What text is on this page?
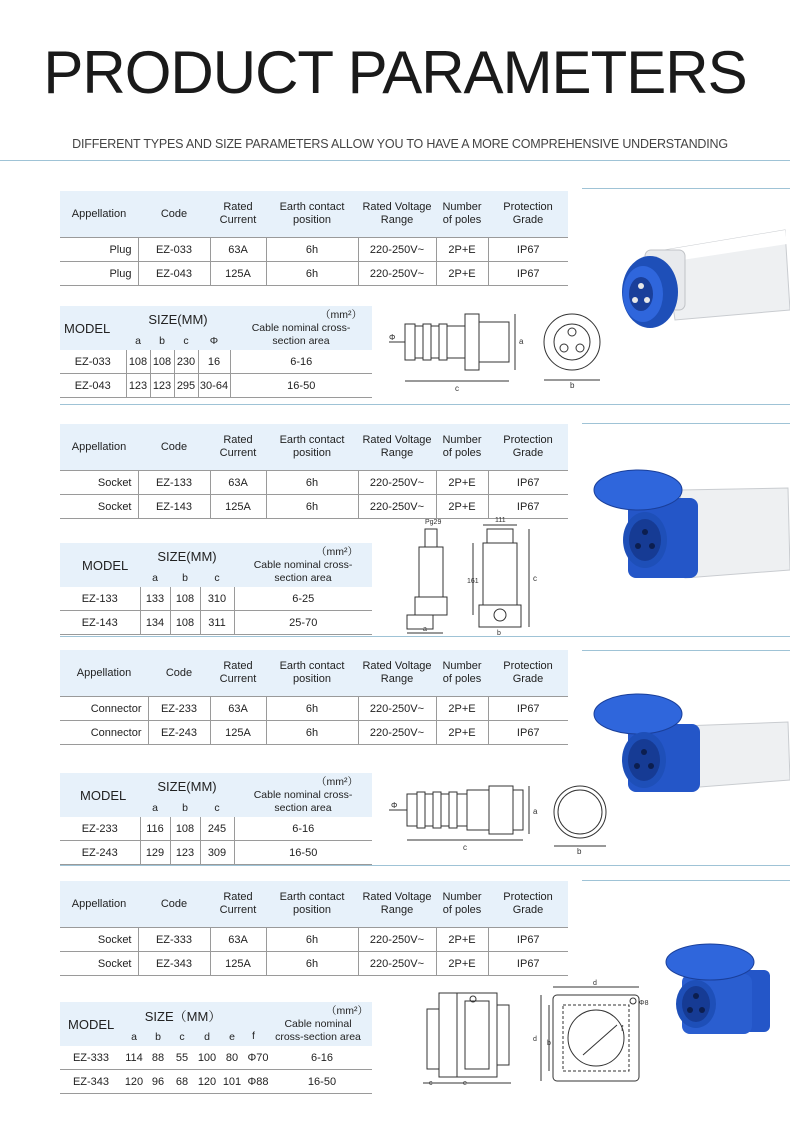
PRODUCT PARAMETERS
DIFFERENT TYPES AND SIZE PARAMETERS ALLOW YOU TO HAVE A MORE COMPREHENSIVE UNDERSTANDING
Appellation	Code	Rated
Current	Earth contact
position	Rated Voltage
Range	Number
of poles	Protection
Grade
Plug	EZ-033	63A	6h	220-250V~	2P+E	IP67
Plug	EZ-043	125A	6h	220-250V~	2P+E	IP67
MODEL	SIZE(MM)				（mm²）
Cable nominal cross-
section area
	a	b	c	Φ	
EZ-033	108	108	230	16	6-16
EZ-043	123	123	295	30-64	16-50
Φ
c
a
b
Appellation	Code	Rated
Current	Earth contact
position	Rated Voltage
Range	Number
of poles	Protection
Grade
Socket	EZ-133	63A	6h	220-250V~	2P+E	IP67
Socket	EZ-143	125A	6h	220-250V~	2P+E	IP67
MODEL	SIZE(MM)			（mm²）
Cable nominal cross-
section area
	a	b	c	
EZ-133	133	108	310	6-25
EZ-143	134	108	311	25-70
Pg29	111
161	c
a
b
Appellation	Code	Rated
Current	Earth contact
position	Rated Voltage
Range	Number
of poles	Protection
Grade
Connector	EZ-233	63A	6h	220-250V~	2P+E	IP67
Connector	EZ-243	125A	6h	220-250V~	2P+E	IP67
MODEL	SIZE(MM)			（mm²）
Cable nominal cross-
section area
	a	b	c	
EZ-233	116	108	245	6-16
EZ-243	129	123	309	16-50
Φ
c
a
b
Appellation	Code	Rated
Current	Earth contact
position	Rated Voltage
Range	Number
of poles	Protection
Grade
Socket	EZ-333	63A	6h	220-250V~	2P+E	IP67
Socket	EZ-343	125A	6h	220-250V~	2P+E	IP67
MODEL	SIZE（MM）					（mm²）
Cable nominal
cross-section area	

	a	b	c	d	e		
EZ-333	114	88	55	100	80	Φ70	6-16
EZ-343	120	96	68	120	101	Φ88	16-50
f
c	e
d
d
b
Φ8
f
